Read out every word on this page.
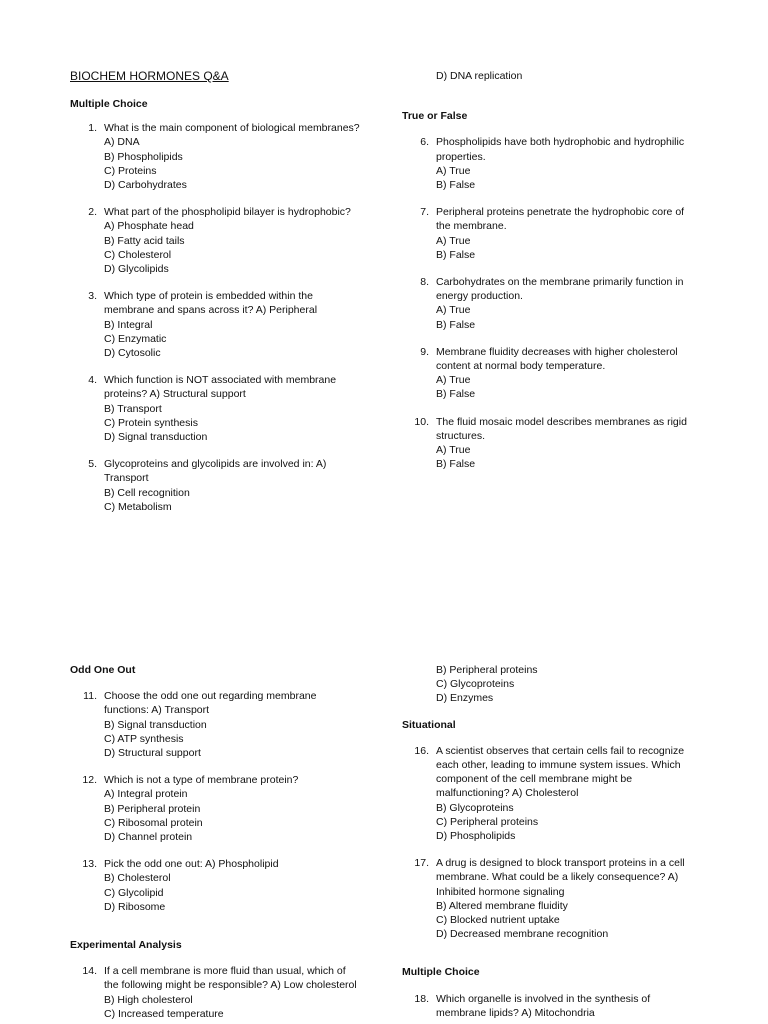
BIOCHEM HORMONES Q&A
Multiple Choice
1. What is the main component of biological membranes?
A) DNA
B) Phospholipids
C) Proteins
D) Carbohydrates
2. What part of the phospholipid bilayer is hydrophobic?
A) Phosphate head
B) Fatty acid tails
C) Cholesterol
D) Glycolipids
3. Which type of protein is embedded within the
membrane and spans across it? A) Peripheral
B) Integral
C) Enzymatic
D) Cytosolic
4. Which function is NOT associated with membrane
proteins? A) Structural support
B) Transport
C) Protein synthesis
D) Signal transduction
5. Glycoproteins and glycolipids are involved in: A)
Transport
B) Cell recognition
C) Metabolism
D) DNA replication
True or False
6. Phospholipids have both hydrophobic and hydrophilic
properties.
A) True
B) False
7. Peripheral proteins penetrate the hydrophobic core of
the membrane.
A) True
B) False
8. Carbohydrates on the membrane primarily function in
energy production.
A) True
B) False
9. Membrane fluidity decreases with higher cholesterol
content at normal body temperature.
A) True
B) False
10. The fluid mosaic model describes membranes as rigid
structures.
A) True
B) False
Odd One Out
11. Choose the odd one out regarding membrane
functions: A) Transport
B) Signal transduction
C) ATP synthesis
D) Structural support
12. Which is not a type of membrane protein?
A) Integral protein
B) Peripheral protein
C) Ribosomal protein
D) Channel protein
13. Pick the odd one out: A) Phospholipid
B) Cholesterol
C) Glycolipid
D) Ribosome
Experimental Analysis
14. If a cell membrane is more fluid than usual, which of
the following might be responsible? A) Low cholesterol
B) High cholesterol
C) Increased temperature
B) Peripheral proteins
C) Glycoproteins
D) Enzymes
Situational
16. A scientist observes that certain cells fail to recognize
each other, leading to immune system issues. Which
component of the cell membrane might be
malfunctioning? A) Cholesterol
B) Glycoproteins
C) Peripheral proteins
D) Phospholipids
17. A drug is designed to block transport proteins in a cell
membrane. What could be a likely consequence? A)
Inhibited hormone signaling
B) Altered membrane fluidity
C) Blocked nutrient uptake
D) Decreased membrane recognition
Multiple Choice
18. Which organelle is involved in the synthesis of
membrane lipids? A) Mitochondria
